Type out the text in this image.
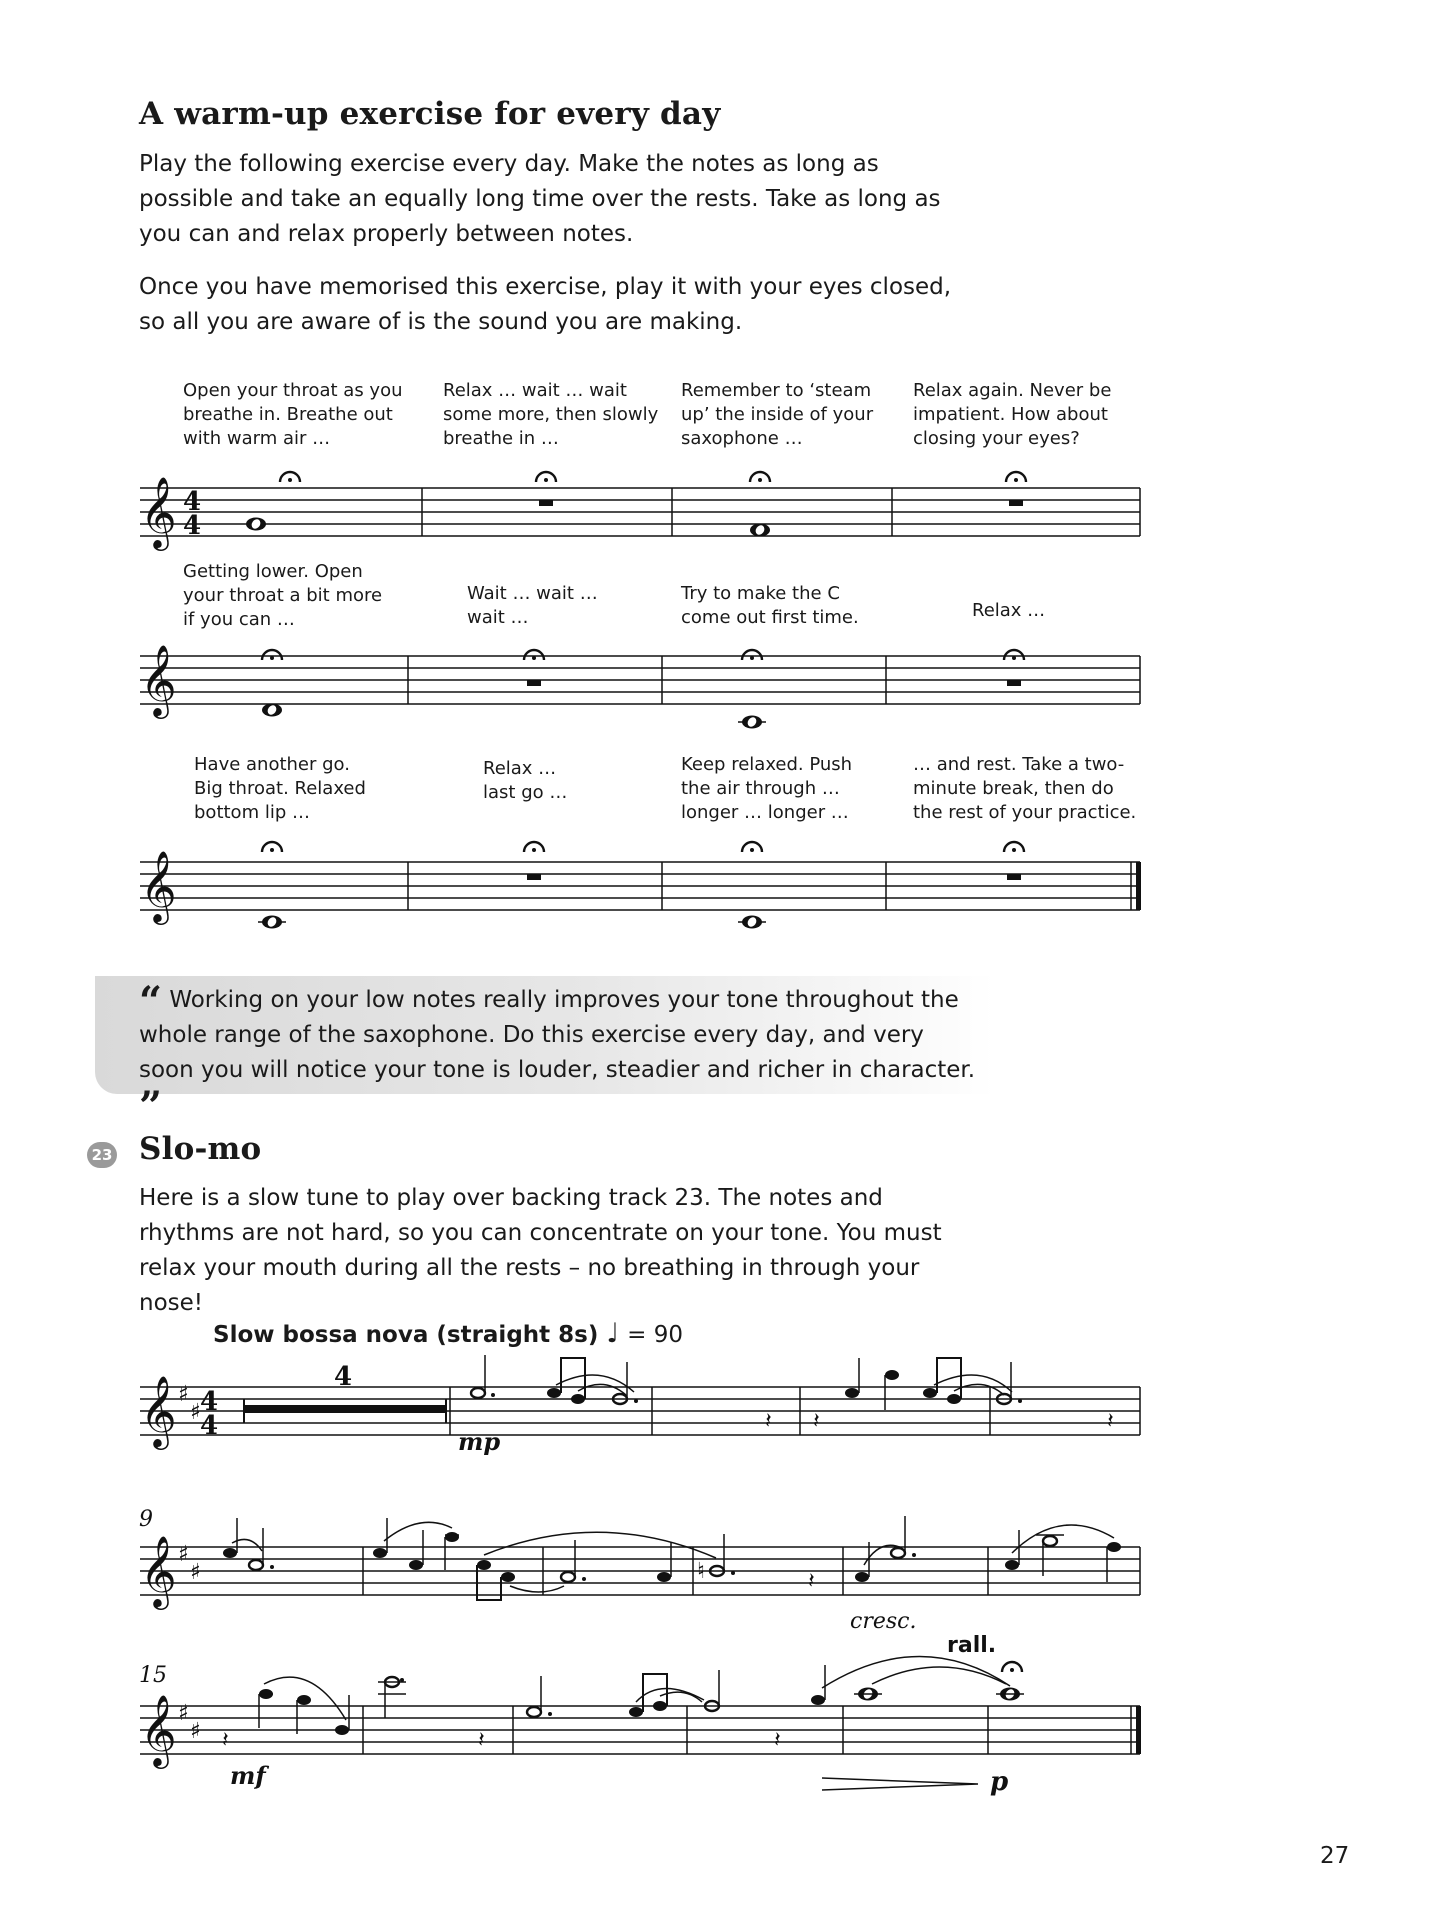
A warm-up exercise for every day

Play the following exercise every day. Make the notes as long as possible and take an equally long time over the rests. Take as long as you can and relax properly between notes.

Once you have memorised this exercise, play it with your eyes closed, so all you are aware of is the sound you are making.

Open your throat as you
breathe in. Breathe out
with warm air …

Relax … wait … wait
some more, then slowly
breathe in …

Remember to ‘steam
up’ the inside of your
saxophone …

Relax again. Never be
impatient. How about
closing your eyes?

Getting lower. Open
your throat a bit more
if you can …

Wait … wait …
wait …

Try to make the C
come out first time.	Relax …

Have another go.
Big throat. Relaxed
bottom lip …

Relax …
last go …

Keep relaxed. Push
the air through …
longer … longer …

… and rest. Take a two-
minute break, then do
the rest of your practice.

“ Working on your low notes really improves your tone throughout the whole range of the saxophone. Do this exercise every day, and very soon you will notice your tone is louder, steadier and richer in character. ”

23 Slo-mo

Here is a slow tune to play over backing track 23. The notes and rhythms are not hard, so you can concentrate on your tone. You must relax your mouth during all the rests – no breathing in through your nose!

Slow bossa nova (straight 8s) ♩ = 90
𝄞 4
4
𝄞
𝄞
𝄞 ♯
♯ 4
4
4
𝄽 𝄽	𝄽
mp
𝄞 ♯
♯
9
♮	𝄽
cresc.
𝄞 ♯
♯
15
𝄽	𝄽	𝄽
rall.
mf	p
27
